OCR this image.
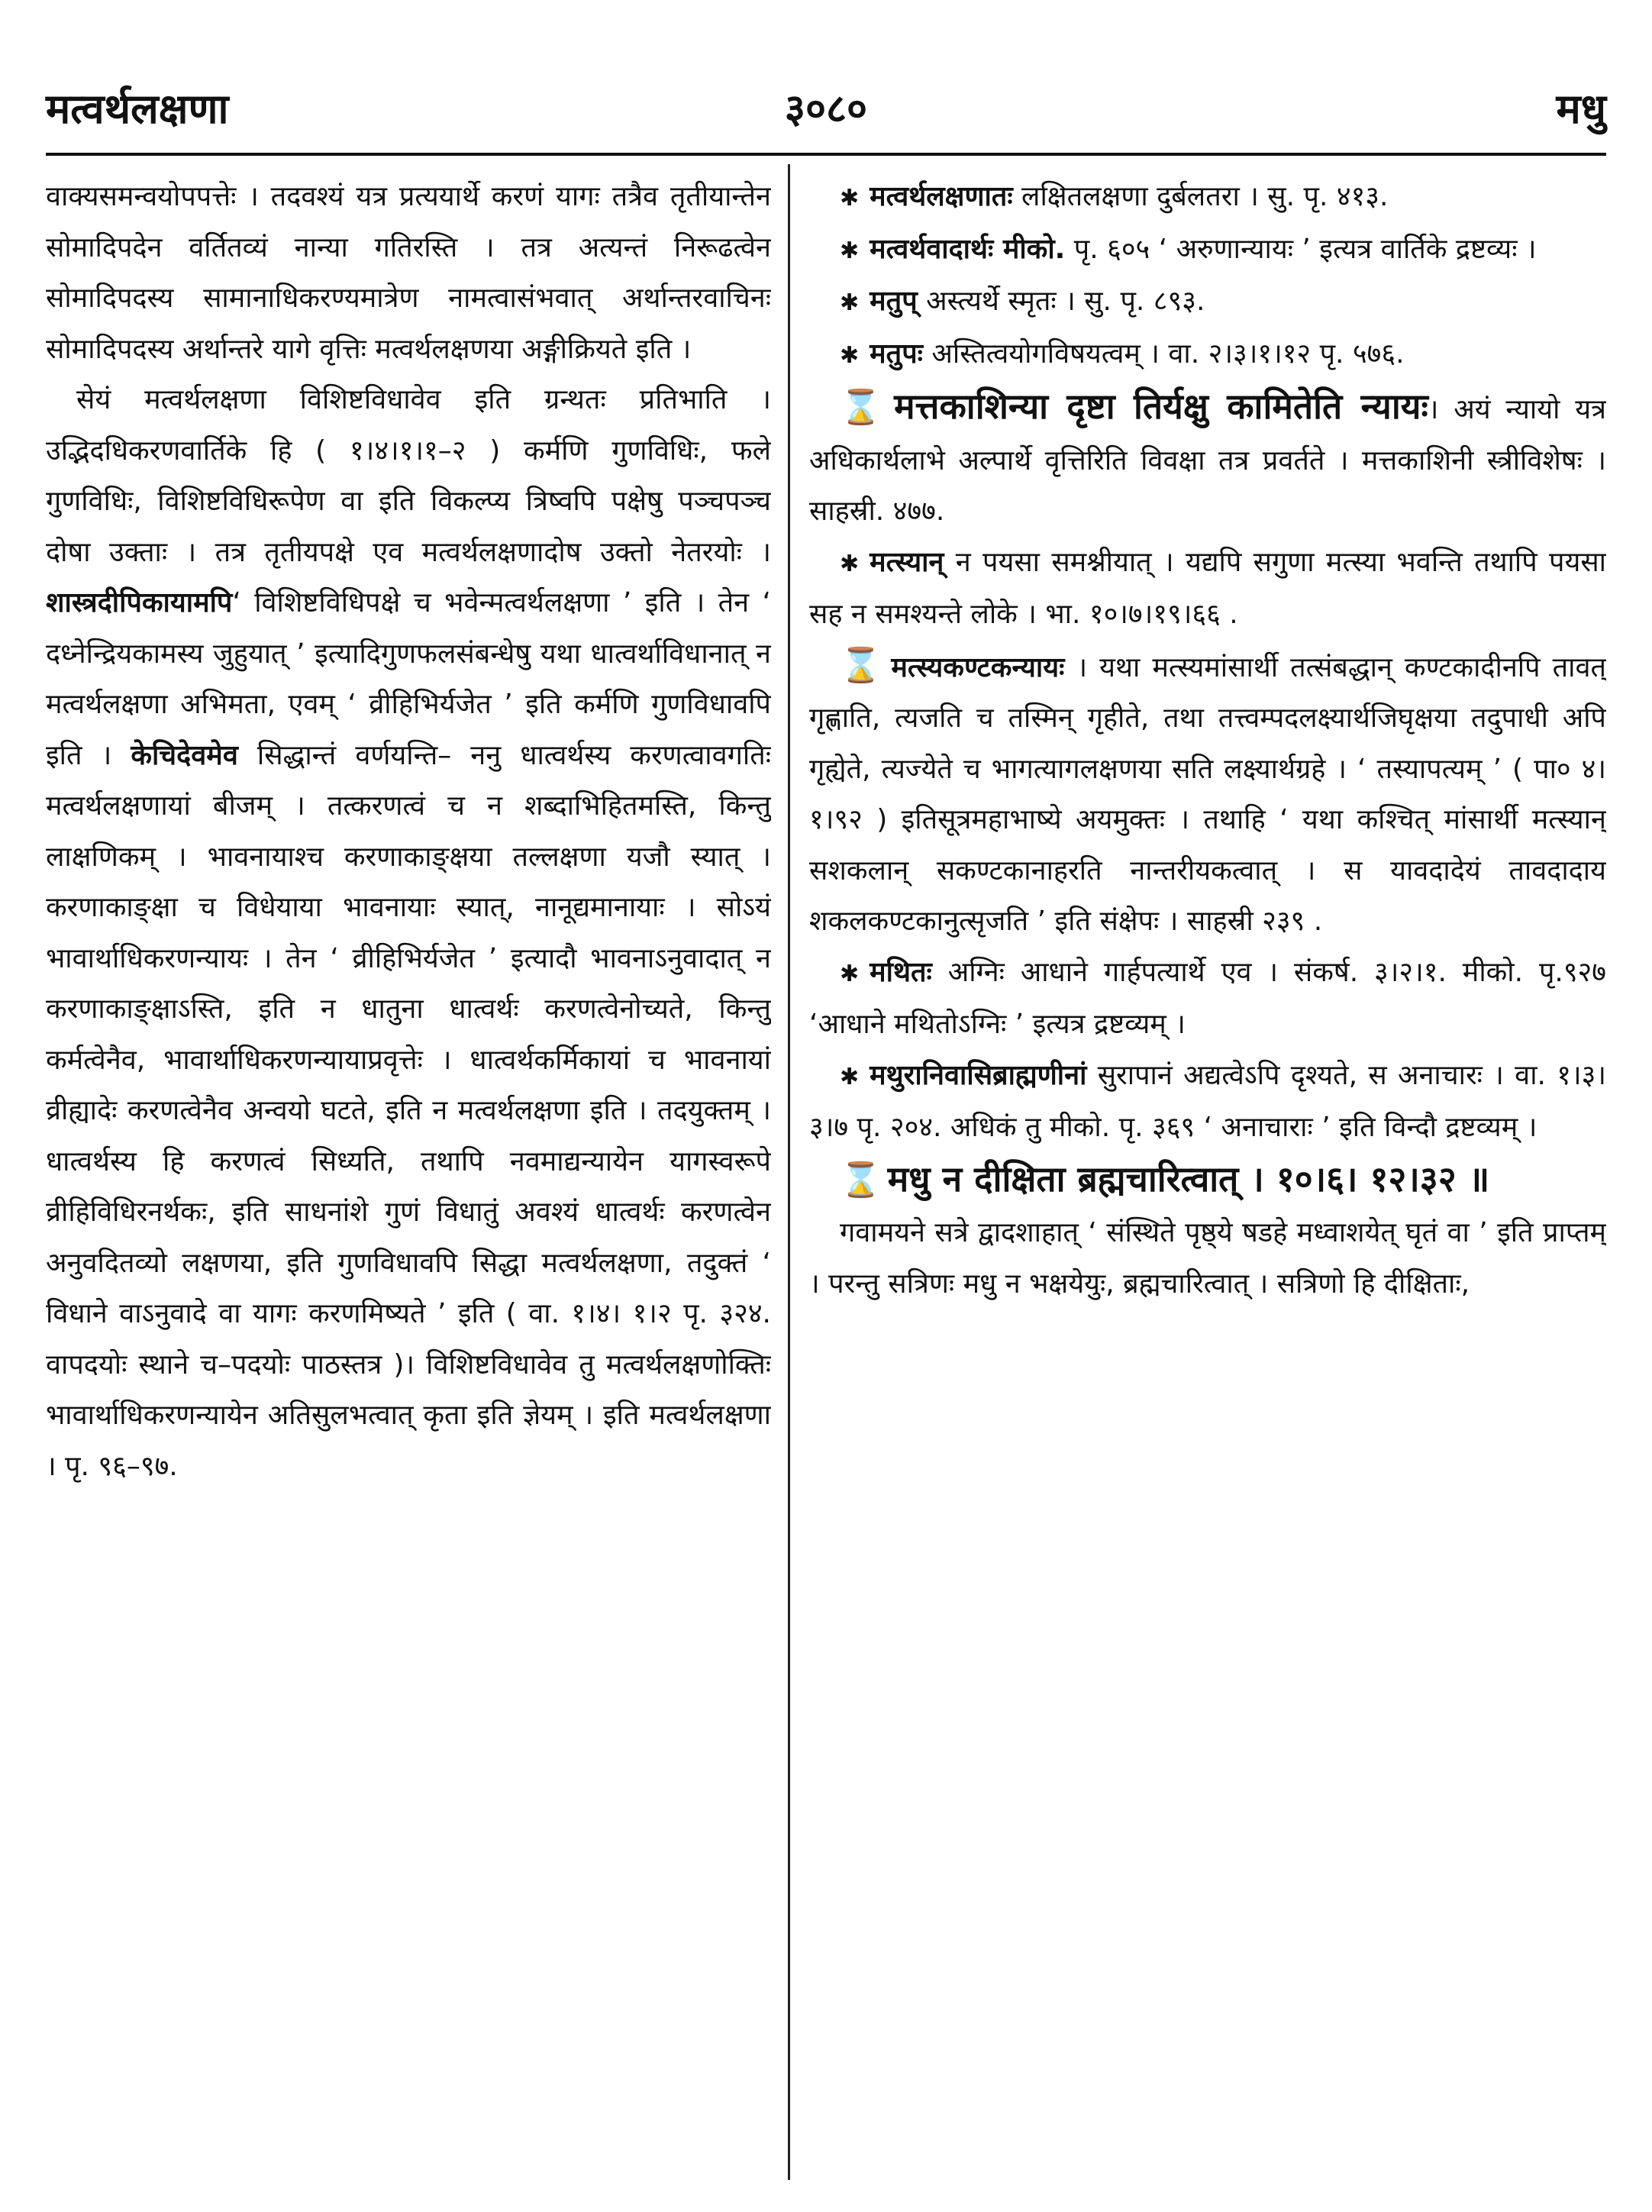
मत्वर्थलक्षणा	३०८०	मधु

वाक्यसमन्वयोपपत्तेः । तदवश्यं यत्र प्रत्ययार्थे करणं यागः तत्रैव तृतीयान्तेन सोमादिपदेन वर्तितव्यं नान्या गतिरस्ति । तत्र अत्यन्तं निरूढत्वेन सोमादिपदस्य सामानाधिकरण्यमात्रेण नामत्वासंभवात् अर्थान्तरवाचिनः सोमादिपदस्य अर्थान्तरे यागे वृत्तिः मत्वर्थलक्षणया अङ्गीक्रियते इति ।

सेयं मत्वर्थलक्षणा विशिष्टविधावेव इति ग्रन्थतः प्रतिभाति । उद्भिदधिकरणवार्तिके हि ( १।४।१।१–२ ) कर्मणि गुणविधिः, फले गुणविधिः, विशिष्टविधिरूपेण वा इति विकल्प्य त्रिष्वपि पक्षेषु पञ्चपञ्च दोषा उक्ताः । तत्र तृतीयपक्षे एव मत्वर्थलक्षणादोष उक्तो नेतरयोः । शास्त्रदीपिकायामपि‘ विशिष्टविधिपक्षे च भवेन्मत्वर्थलक्षणा ’ इति । तेन ‘ दध्नेन्द्रियकामस्य जुहुयात् ’ इत्यादिगुणफलसंबन्धेषु यथा धात्वर्थाविधानात् न मत्वर्थलक्षणा अभिमता, एवम् ‘ व्रीहिभिर्यजेत ’ इति कर्मणि गुणविधावपि इति । केचिदेवमेव सिद्धान्तं वर्णयन्ति– ननु धात्वर्थस्य करणत्वावगतिः मत्वर्थलक्षणायां बीजम् । तत्करणत्वं च न शब्दाभिहितमस्ति, किन्तु लाक्षणिकम् । भावनायाश्च करणाकाङ्क्षया तल्लक्षणा यजौ स्यात् । करणाकाङ्क्षा च विधेयाया भावनायाः स्यात्, नानूद्यमानायाः । सोऽयं भावार्थाधिकरणन्यायः । तेन ‘ व्रीहिभिर्यजेत ’ इत्यादौ भावनाऽनुवादात् न करणाकाङ्क्षाऽस्ति, इति न धातुना धात्वर्थः करणत्वेनोच्यते, किन्तु कर्मत्वेनैव, भावार्थाधिकरणन्यायाप्रवृत्तेः । धात्वर्थकर्मिकायां च भावनायां व्रीह्यादेः करणत्वेनैव अन्वयो घटते, इति न मत्वर्थलक्षणा इति । तदयुक्तम् । धात्वर्थस्य हि करणत्वं सिध्यति, तथापि नवमाद्यन्यायेन यागस्वरूपे व्रीहिविधिरनर्थकः, इति साधनांशे गुणं विधातुं अवश्यं धात्वर्थः करणत्वेन अनुवदितव्यो लक्षणया, इति गुणविधावपि सिद्धा मत्वर्थलक्षणा, तदुक्तं ‘ विधाने वाऽनुवादे वा यागः करणमिष्यते ’ इति ( वा. १।४। १।२ पृ. ३२४. वापदयोः स्थाने च–पदयोः पाठस्तत्र )। विशिष्टविधावेव तु मत्वर्थलक्षणोक्तिः भावार्थाधिकरणन्यायेन अतिसुलभत्वात् कृता इति ज्ञेयम् । इति मत्वर्थलक्षणा । पृ. ९६–९७.

✱ मत्वर्थलक्षणातः लक्षितलक्षणा दुर्बलतरा । सु. पृ. ४१३.

✱ मत्वर्थवादार्थः मीको. पृ. ६०५ ‘ अरुणान्यायः ’ इत्यत्र वार्तिके द्रष्टव्यः ।

✱ मतुप् अस्त्यर्थे स्मृतः । सु. पृ. ८९३.

✱ मतुपः अस्तित्वयोगविषयत्वम् । वा. २।३।१।१२ पृ. ५७६.

⌛ मत्तकाशिन्या दृष्टा तिर्यक्षु कामितेति न्यायः। अयं न्यायो यत्र अधिकार्थलाभे अल्पार्थे वृत्तिरिति विवक्षा तत्र प्रवर्तते । मत्तकाशिनी स्त्रीविशेषः । साहस्री. ४७७.

✱ मत्स्यान् न पयसा समश्नीयात् । यद्यपि सगुणा मत्स्या भवन्ति तथापि पयसा सह न समश्यन्ते लोके । भा. १०।७।१९।६६ .

⌛ मत्स्यकण्टकन्यायः । यथा मत्स्यमांसार्थी तत्संबद्धान् कण्टकादीनपि तावत् गृह्णाति, त्यजति च तस्मिन् गृहीते, तथा तत्त्वम्पदलक्ष्यार्थजिघृक्षया तदुपाधी अपि गृह्येते, त्यज्येते च भागत्यागलक्षणया सति लक्ष्यार्थग्रहे । ‘ तस्यापत्यम् ’ ( पा० ४।१।९२ ) इतिसूत्रमहाभाष्ये अयमुक्तः । तथाहि ‘ यथा कश्चित् मांसार्थी मत्स्यान् सशकलान् सकण्टकानाहरति नान्तरीयकत्वात् । स यावदादेयं तावदादाय शकलकण्टकानुत्सृजति ’ इति संक्षेपः । साहस्री २३९ .

✱ मथितः अग्निः आधाने गार्हपत्यार्थे एव । संकर्ष. ३।२।१. मीको. पृ.९२७ ‘आधाने मथितोऽग्निः ’ इत्यत्र द्रष्टव्यम् ।

✱ मथुरानिवासिब्राह्मणीनां सुरापानं अद्यत्वेऽपि दृश्यते, स अनाचारः । वा. १।३।३।७ पृ. २०४. अधिकं तु मीको. पृ. ३६९ ‘ अनाचाराः ’ इति विन्दौ द्रष्टव्यम् ।

⌛ मधु न दीक्षिता ब्रह्मचारित्वात् । १०।६। १२।३२ ॥

गवामयने सत्रे द्वादशाहात् ‘ संस्थिते पृष्ठ्ये षडहे मध्वाशयेत् घृतं वा ’ इति प्राप्तम् । परन्तु सत्रिणः मधु न भक्षयेयुः, ब्रह्मचारित्वात् । सत्रिणो हि दीक्षिताः,
